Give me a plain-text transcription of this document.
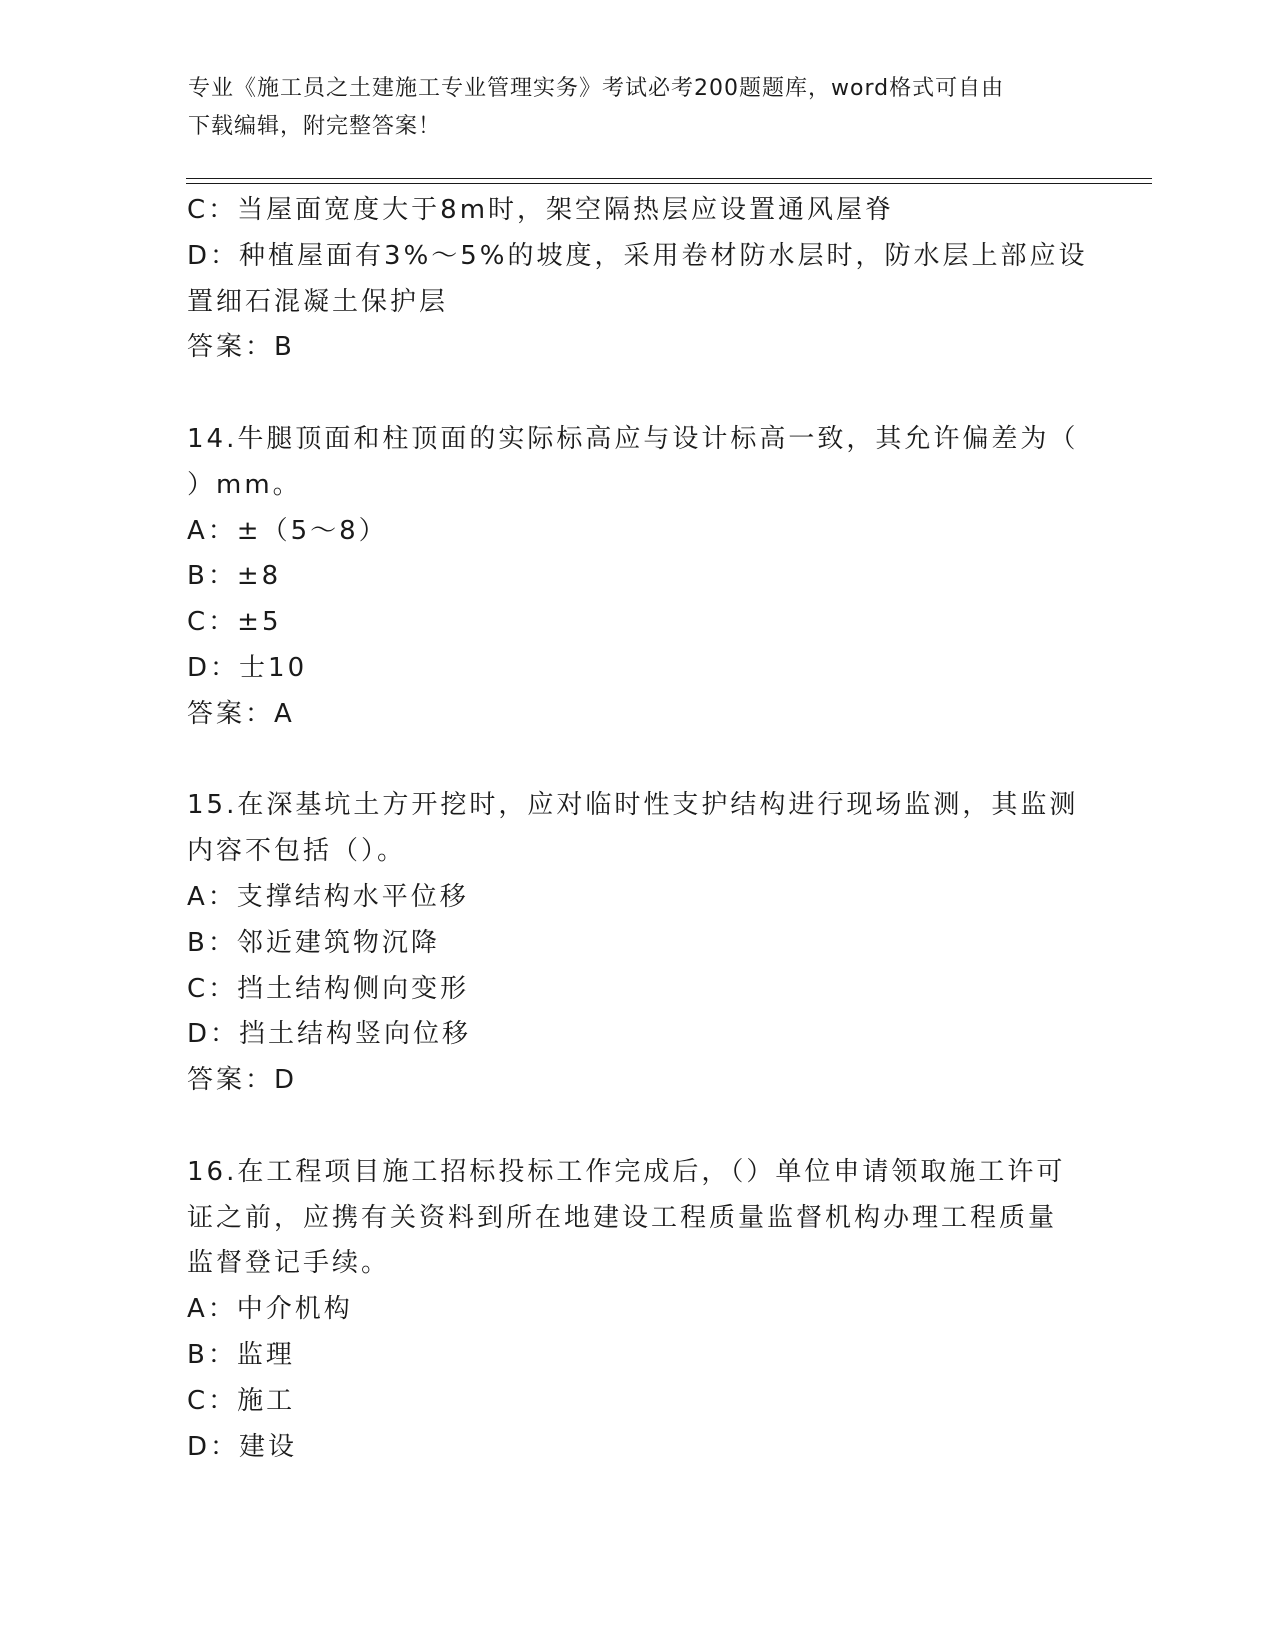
专业《施工员之土建施工专业管理实务》考试必考200题题库，word格式可自由
下载编辑，附完整答案！
C：当屋面宽度大于8m时，架空隔热层应设置通风屋脊
D：种植屋面有3%～5%的坡度，采用卷材防水层时，防水层上部应设
置细石混凝土保护层
答案：B
14.牛腿顶面和柱顶面的实际标高应与设计标高一致，其允许偏差为（
）mm。
A：±（5～8）
B：±8
C：±5
D：士10
答案：A
15.在深基坑土方开挖时，应对临时性支护结构进行现场监测，其监测
内容不包括（）。
A：支撑结构水平位移
B：邻近建筑物沉降
C：挡土结构侧向变形
D：挡土结构竖向位移
答案：D
16.在工程项目施工招标投标工作完成后，（）单位申请领取施工许可
证之前，应携有关资料到所在地建设工程质量监督机构办理工程质量
监督登记手续。
A：中介机构
B：监理
C：施工
D：建设
